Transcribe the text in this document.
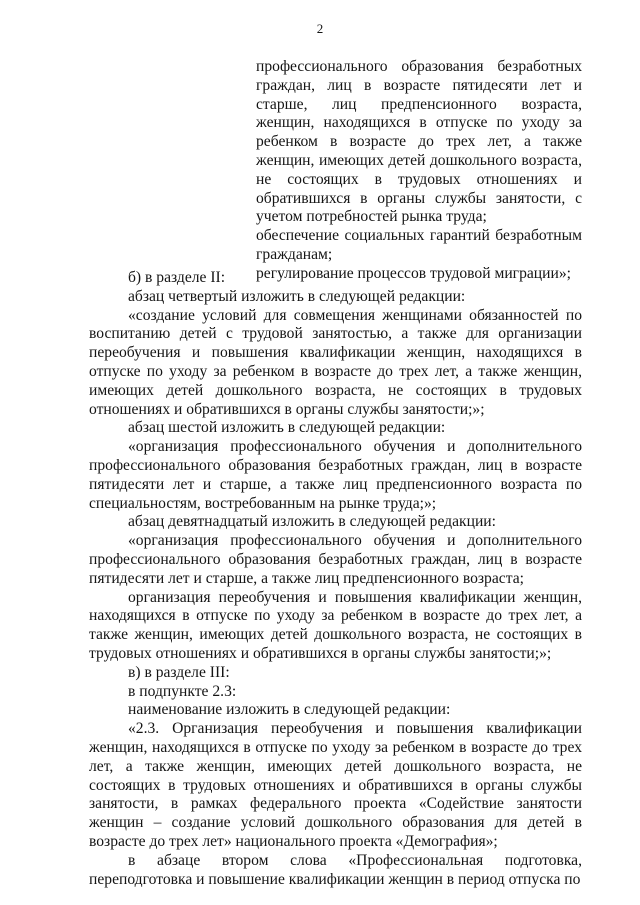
2

профессионального образования безработных граждан, лиц в возрасте пятидесяти лет и старше, лиц предпенсионного возраста, женщин, находящихся в отпуске по уходу за ребенком в возрасте до трех лет, а также женщин, имеющих детей дошкольного возраста, не состоящих в трудовых отношениях и обратившихся в органы службы занятости, с учетом потребностей рынка труда;

обеспечение социальных гарантий безработным гражданам;

регулирование процессов трудовой миграции»;

б) в разделе II:

абзац четвертый изложить в следующей редакции:

«создание условий для совмещения женщинами обязанностей по воспитанию детей с трудовой занятостью, а также для организации переобучения и повышения квалификации женщин, находящихся в отпуске по уходу за ребенком в возрасте до трех лет, а также женщин, имеющих детей дошкольного возраста, не состоящих в трудовых отношениях и обратившихся в органы службы занятости;»;

абзац шестой изложить в следующей редакции:

«организация профессионального обучения и дополнительного профессионального образования безработных граждан, лиц в возрасте пятидесяти лет и старше, а также лиц предпенсионного возраста по специальностям, востребованным на рынке труда;»;

абзац девятнадцатый изложить в следующей редакции:

«организация профессионального обучения и дополнительного профессионального образования безработных граждан, лиц в возрасте пятидесяти лет и старше, а также лиц предпенсионного возраста;

организация переобучения и повышения квалификации женщин, находящихся в отпуске по уходу за ребенком в возрасте до трех лет, а также женщин, имеющих детей дошкольного возраста, не состоящих в трудовых отношениях и обратившихся в органы службы занятости;»;

в) в разделе III:

в подпункте 2.3:

наименование изложить в следующей редакции:

«2.3. Организация переобучения и повышения квалификации женщин, находящихся в отпуске по уходу за ребенком в возрасте до трех лет, а также женщин, имеющих детей дошкольного возраста, не состоящих в трудовых отношениях и обратившихся в органы службы занятости, в рамках федерального проекта «Содействие занятости женщин – создание условий дошкольного образования для детей в возрасте до трех лет» национального проекта «Демография»;

в абзаце втором слова «Профессиональная подготовка, переподготовка и повышение квалификации женщин в период отпуска по
